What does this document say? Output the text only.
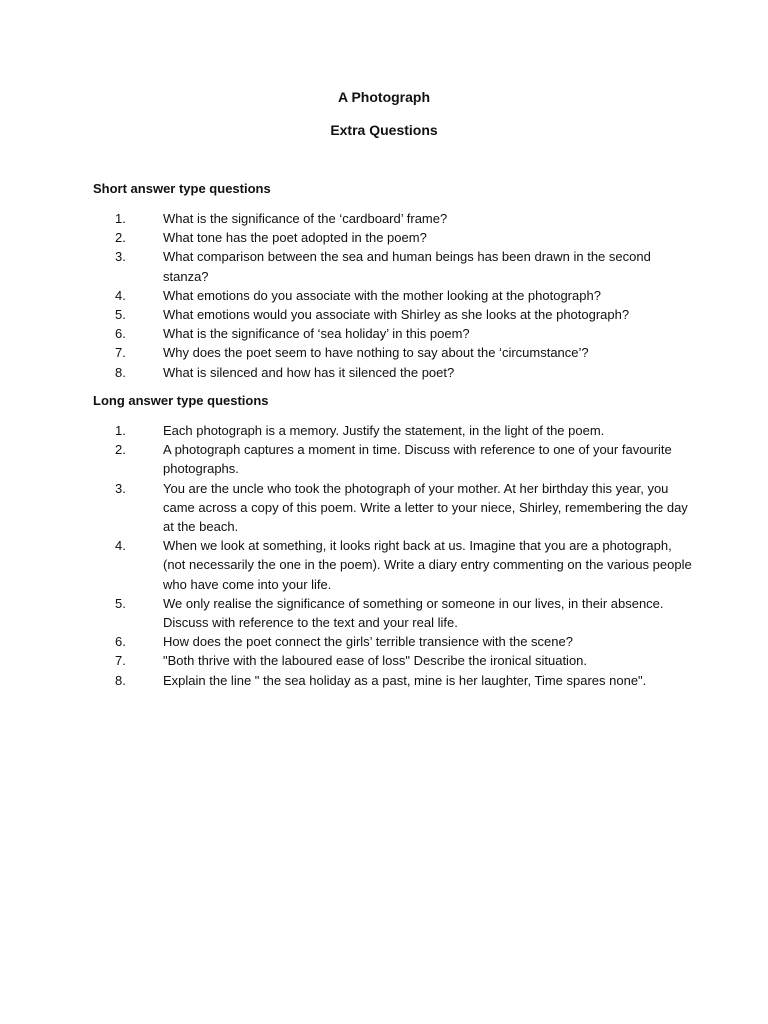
A Photograph
Extra Questions
Short answer type questions
1.	What is the significance of the ‘cardboard’ frame?
2.	What tone has the poet adopted in the poem?
3.	What comparison between the sea and human beings has been drawn in the second stanza?
4.	What emotions do you associate with the mother looking at the photograph?
5.	What emotions would you associate with Shirley as she looks at the photograph?
6.	What is the significance of ‘sea holiday’ in this poem?
7.	Why does the poet seem to have nothing to say about the ‘circumstance’?
8.	What is silenced and how has it silenced the poet?
Long answer type questions
1.	Each photograph is a memory. Justify the statement, in the light of the poem.
2.	A photograph captures a moment in time. Discuss with reference to one of your favourite photographs.
3.	You are the uncle who took the photograph of your mother. At her birthday this year, you came across a copy of this poem. Write a letter to your niece, Shirley, remembering the day at the beach.
4.	When we look at something, it looks right back at us. Imagine that you are a photograph, (not necessarily the one in the poem). Write a diary entry commenting on the various people who have come into your life.
5.	We only realise the significance of something or someone in our lives, in their absence. Discuss with reference to the text and your real life.
6.	How does the poet connect the girls’ terrible transience with the scene?
7.	"Both thrive with the laboured ease of loss" Describe the ironical situation.
8.	Explain the line " the sea holiday as a past, mine is her laughter, Time spares none".
